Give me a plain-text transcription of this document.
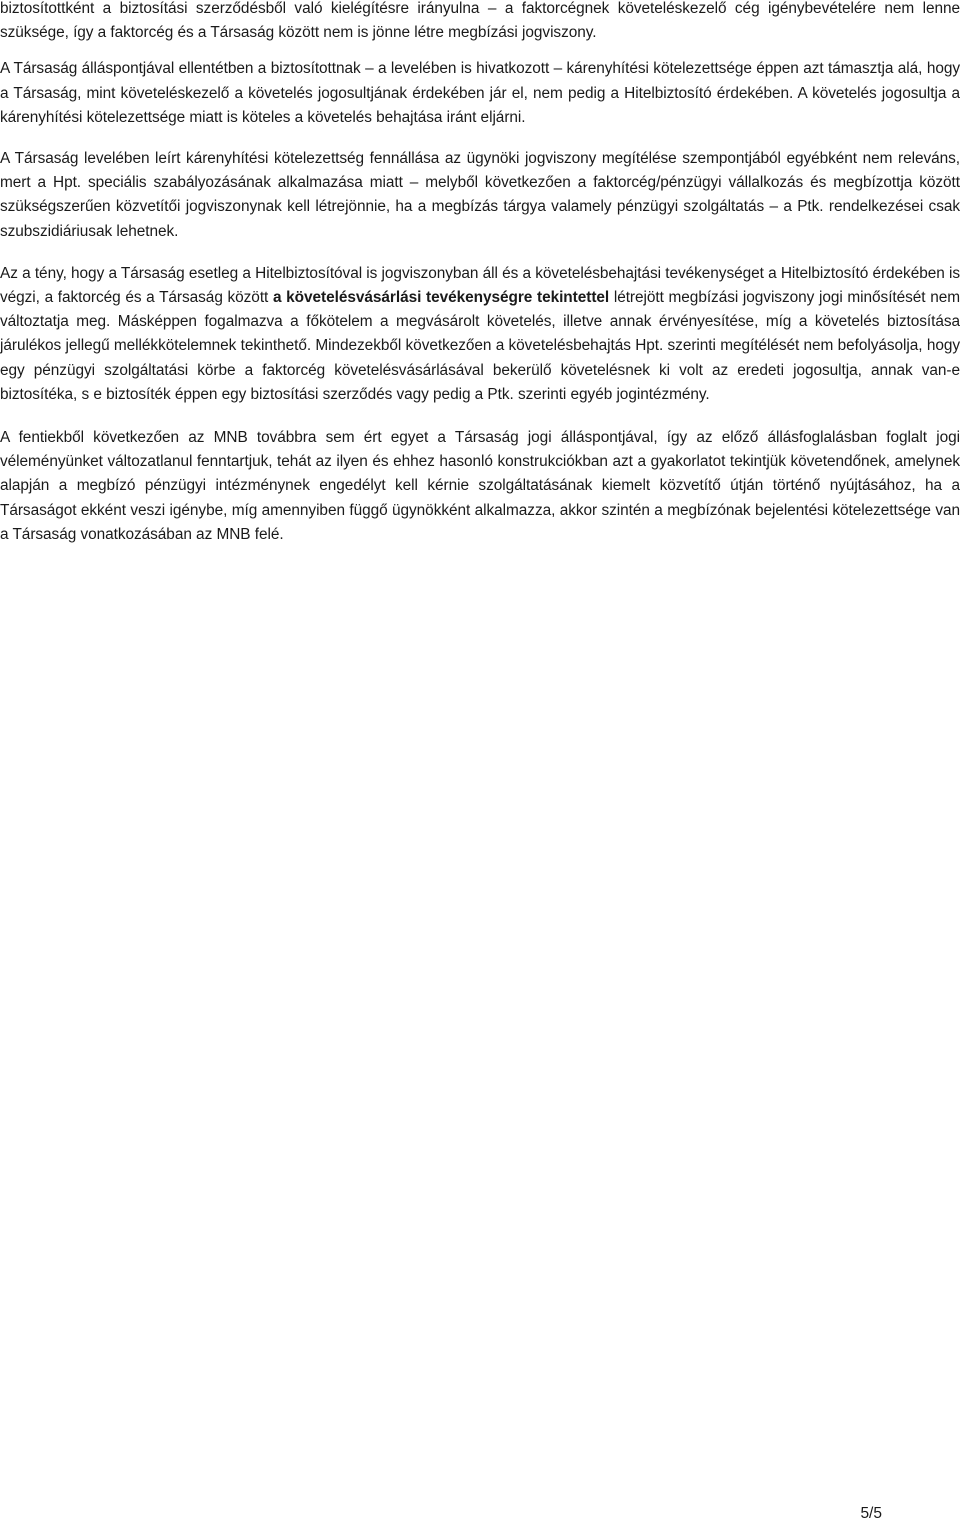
biztosítottként a biztosítási szerződésből való kielégítésre irányulna – a faktorcégnek követeléskezelő cég igénybevételére nem lenne szüksége, így a faktorcég és a Társaság között nem is jönne létre megbízási jogviszony.

A Társaság álláspontjával ellentétben a biztosítottnak – a levelében is hivatkozott – kárenyhítési kötelezettsége éppen azt támasztja alá, hogy a Társaság, mint követeléskezelő a követelés jogosultjának érdekében jár el, nem pedig a Hitelbiztosító érdekében. A követelés jogosultja a kárenyhítési kötelezettsége miatt is köteles a követelés behajtása iránt eljárni.

A Társaság levelében leírt kárenyhítési kötelezettség fennállása az ügynöki jogviszony megítélése szempontjából egyébként nem releváns, mert a Hpt. speciális szabályozásának alkalmazása miatt – melyből következően a faktorcég/pénzügyi vállalkozás és megbízottja között szükségszerűen közvetítői jogviszonynak kell létrejönnie, ha a megbízás tárgya valamely pénzügyi szolgáltatás – a Ptk. rendelkezései csak szubszidiáriusak lehetnek.

Az a tény, hogy a Társaság esetleg a Hitelbiztosítóval is jogviszonyban áll és a követelésbehajtási tevékenységet a Hitelbiztosító érdekében is végzi, a faktorcég és a Társaság között a követelésvásárlási tevékenységre tekintettel létrejött megbízási jogviszony jogi minősítését nem változtatja meg. Másképpen fogalmazva a főkötelem a megvásárolt követelés, illetve annak érvényesítése, míg a követelés biztosítása járulékos jellegű mellékkötelemnek tekinthető. Mindezekből következően a követelésbehajtás Hpt. szerinti megítélését nem befolyásolja, hogy egy pénzügyi szolgáltatási körbe a faktorcég követelésvásárlásával bekerülő követelésnek ki volt az eredeti jogosultja, annak van-e biztosítéka, s e biztosíték éppen egy biztosítási szerződés vagy pedig a Ptk. szerinti egyéb jogintézmény.

A fentiekből következően az MNB továbbra sem ért egyet a Társaság jogi álláspontjával, így az előző állásfoglalásban foglalt jogi véleményünket változatlanul fenntartjuk, tehát az ilyen és ehhez hasonló konstrukciókban azt a gyakorlatot tekintjük követendőnek, amelynek alapján a megbízó pénzügyi intézménynek engedélyt kell kérnie szolgáltatásának kiemelt közvetítő útján történő nyújtásához, ha a Társaságot ekként veszi igénybe, míg amennyiben függő ügynökként alkalmazza, akkor szintén a megbízónak bejelentési kötelezettsége van a Társaság vonatkozásában az MNB felé.

5/5
